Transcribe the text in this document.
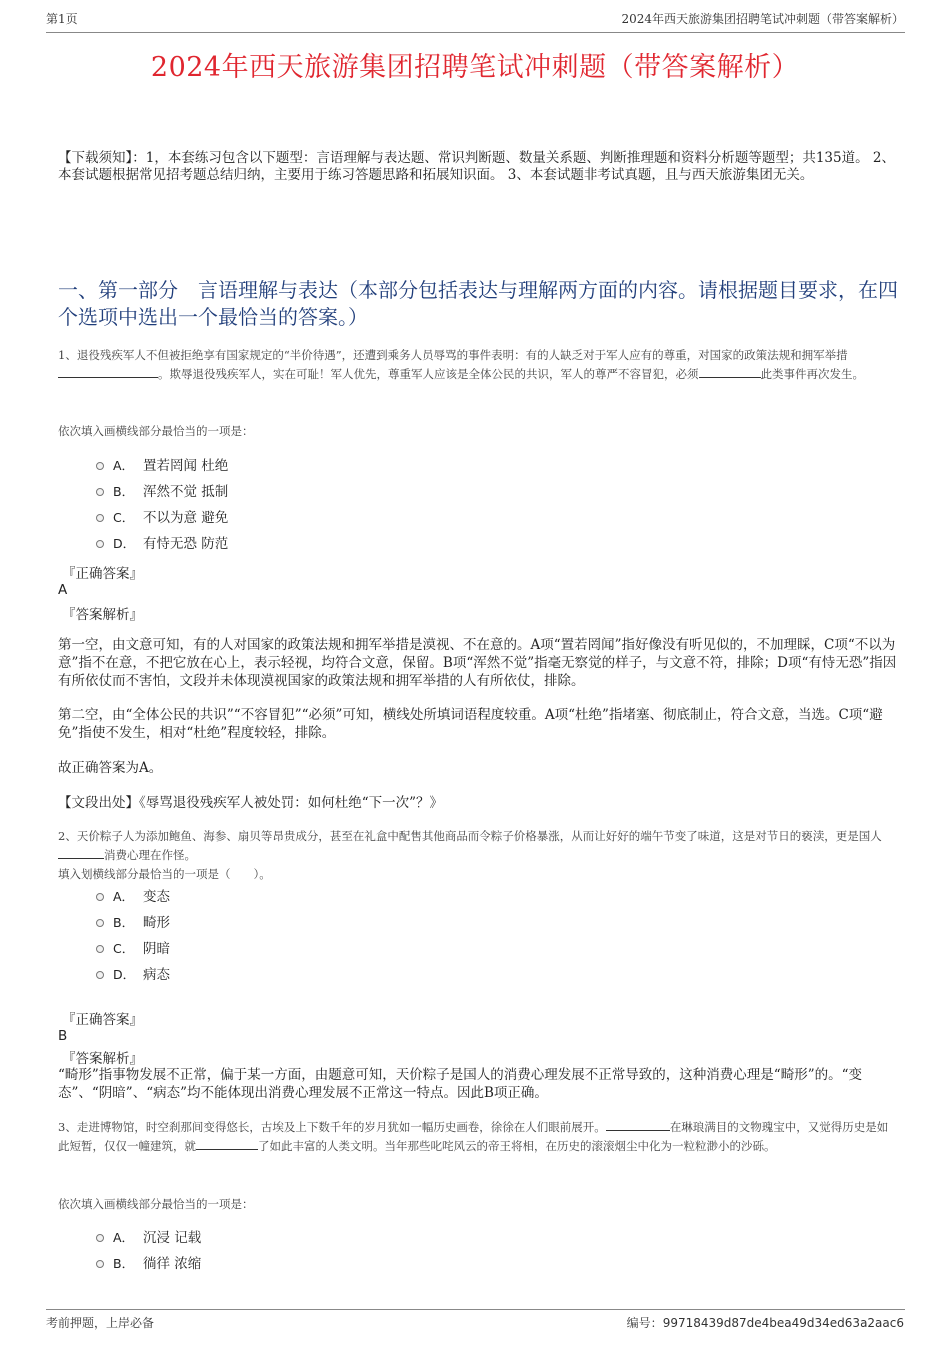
第1页	2024年西天旅游集团招聘笔试冲刺题（带答案解析）
2024年西天旅游集团招聘笔试冲刺题（带答案解析）
【下载须知】：1，本套练习包含以下题型：言语理解与表达题、常识判断题、数量关系题、判断推理题和资料分析题等题型；共135道。 2、本套试题根据常见招考题总结归纳，主要用于练习答题思路和拓展知识面。 3、本套试题非考试真题，且与西天旅游集团无关。
一、第一部分　言语理解与表达（本部分包括表达与理解两方面的内容。请根据题目要求，在四个选项中选出一个最恰当的答案。）
1、退役残疾军人不但被拒绝享有国家规定的“半价待遇”，还遭到乘务人员辱骂的事件表明：有的人缺乏对于军人应有的尊重，对国家的政策法规和拥军举措。欺辱退役残疾军人，实在可耻！军人优先，尊重军人应该是全体公民的共识，军人的尊严不容冒犯，必须	此类事件再次发生。
依次填入画横线部分最恰当的一项是：
A． 置若罔闻 杜绝
B． 浑然不觉 抵制
C． 不以为意 避免
D． 有恃无恐 防范
『正确答案』
A
『答案解析』
第一空，由文意可知，有的人对国家的政策法规和拥军举措是漠视、不在意的。A项“置若罔闻”指好像没有听见似的，不加理睬，C项“不以为意”指不在意，不把它放在心上，表示轻视，均符合文意，保留。B项“浑然不觉”指毫无察觉的样子，与文意不符，排除；D项“有恃无恐”指因有所依仗而不害怕，文段并未体现漠视国家的政策法规和拥军举措的人有所依仗，排除。
第二空，由“全体公民的共识”“不容冒犯”“必须”可知，横线处所填词语程度较重。A项“杜绝”指堵塞、彻底制止，符合文意，当选。C项“避免”指使不发生，相对“杜绝”程度较轻，排除。
故正确答案为A。
【文段出处】《辱骂退役残疾军人被处罚：如何杜绝“下一次”？》
2、天价粽子人为添加鲍鱼、海参、扇贝等昂贵成分，甚至在礼盒中配售其他商品而令粽子价格暴涨，从而让好好的端午节变了味道，这是对节日的亵渎，更是国人消费心理在作怪。
填入划横线部分最恰当的一项是（　　）。
A． 变态
B． 畸形
C． 阴暗
D． 病态
『正确答案』
B
『答案解析』
“畸形”指事物发展不正常，偏于某一方面，由题意可知，天价粽子是国人的消费心理发展不正常导致的，这种消费心理是“畸形”的。“变态”、“阴暗”、“病态”均不能体现出消费心理发展不正常这一特点。因此B项正确。
3、走进博物馆，时空刹那间变得悠长，古埃及上下数千年的岁月犹如一幅历史画卷，徐徐在人们眼前展开。	在琳琅满目的文物瑰宝中，又觉得历史是如此短暂，仅仅一幢建筑，就	了如此丰富的人类文明。当年那些叱咤风云的帝王将相，在历史的滚滚烟尘中化为一粒粒渺小的沙砾。
依次填入画横线部分最恰当的一项是：
A． 沉浸 记载
B． 徜徉 浓缩
考前押题，上岸必备	编号：99718439d87de4bea49d34ed63a2aac6
